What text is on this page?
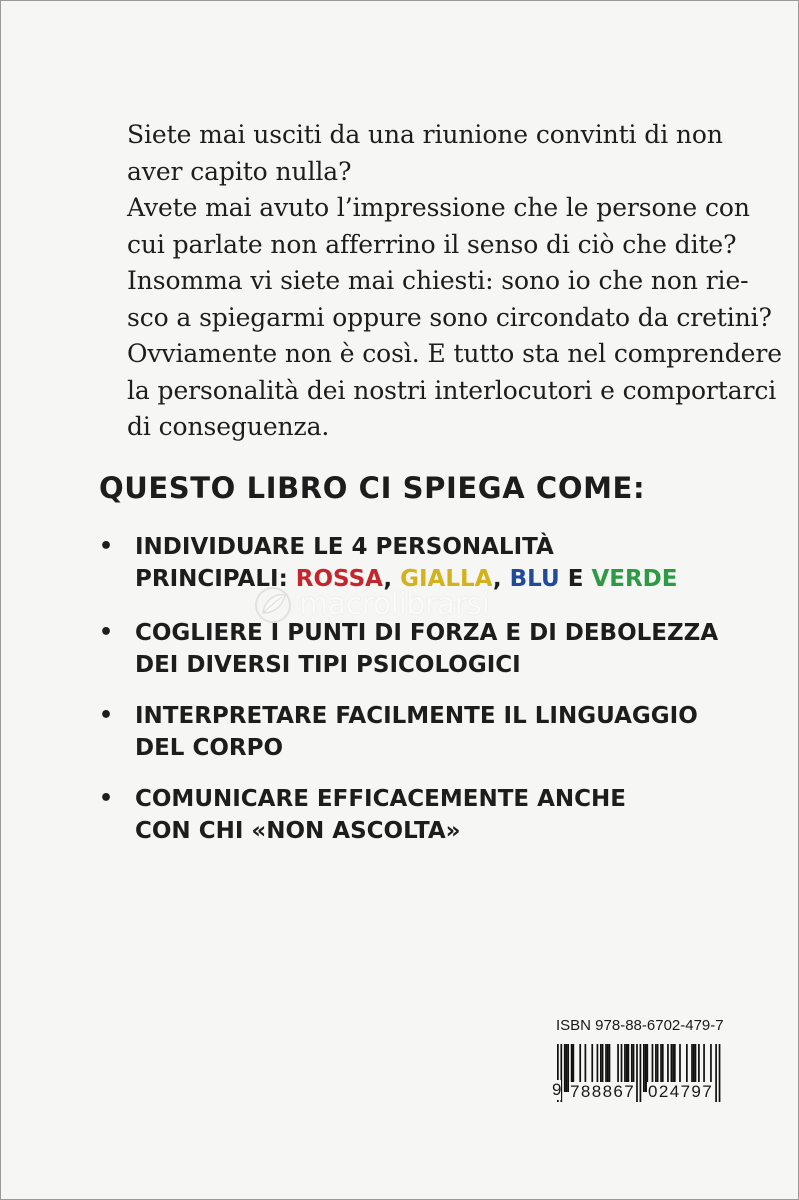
Siete mai usciti da una riunione convinti di non
aver capito nulla?
Avete mai avuto l’impressione che le persone con
cui parlate non afferrino il senso di ciò che dite?
Insomma vi siete mai chiesti: sono io che non rie-
sco a spiegarmi oppure sono circondato da cretini?
Ovviamente non è così. E tutto sta nel comprendere
la personalità dei nostri interlocutori e comportarci
di conseguenza.
QUESTO LIBRO CI SPIEGA COME:
• INDIVIDUARE LE 4 PERSONALITÀ
PRINCIPALI: ROSSA, GIALLA, BLU E VERDE
• COGLIERE I PUNTI DI FORZA E DI DEBOLEZZA
DEI DIVERSI TIPI PSICOLOGICI
• INTERPRETARE FACILMENTE IL LINGUAGGIO
DEL CORPO
• COMUNICARE EFFICACEMENTE ANCHE
CON CHI «NON ASCOLTA»
macrolibrarsi
ISBN 978-88-6702-479-7
9 788867 024797
